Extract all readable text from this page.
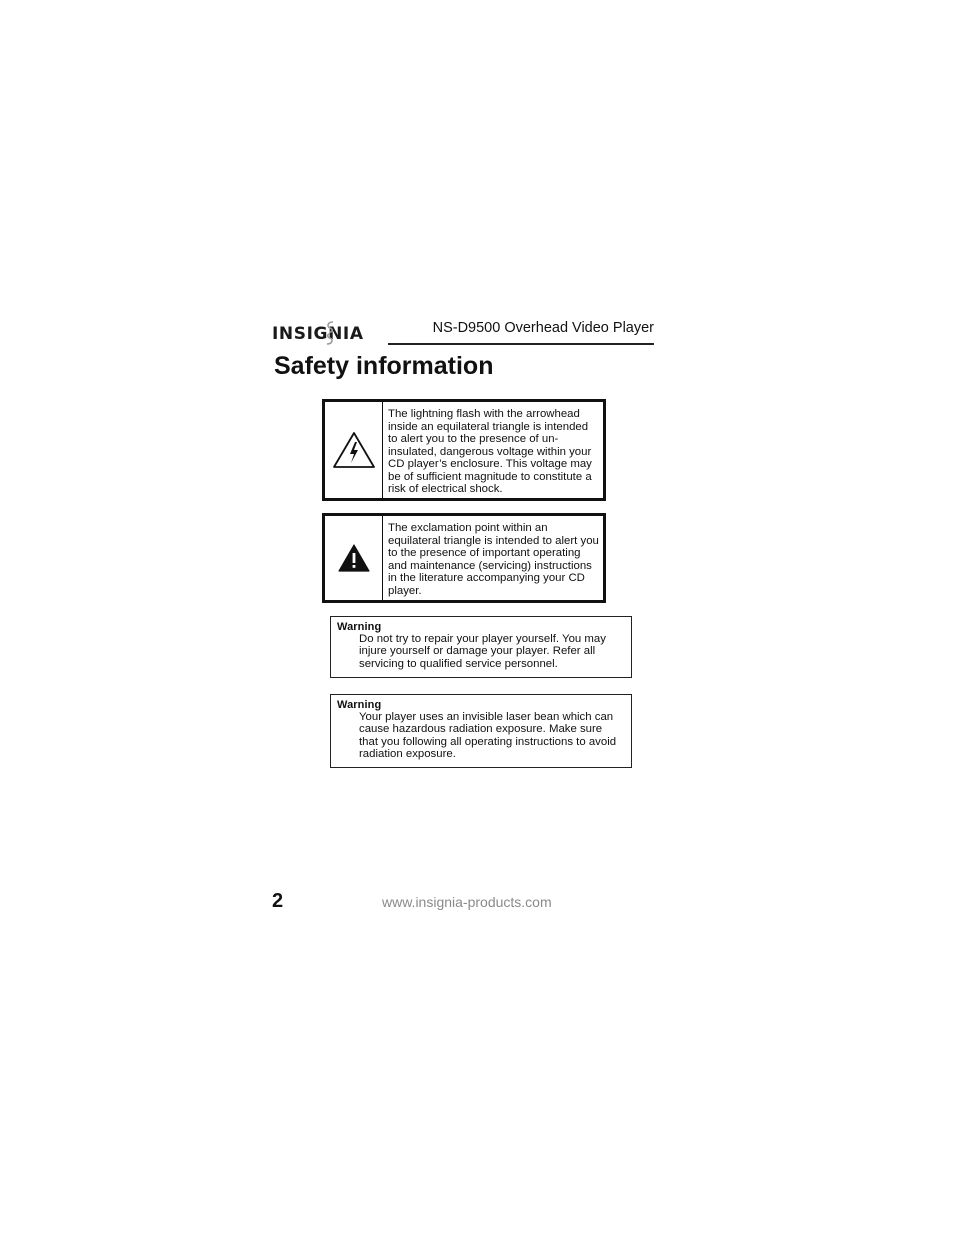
INSIGNIA	NS-D9500 Overhead Video Player
Safety information
The lightning flash with the arrowhead inside an equilateral triangle is intended to alert you to the presence of un-insulated, dangerous voltage within your CD player’s enclosure. This voltage may be of sufficient magnitude to constitute a risk of electrical shock.
The exclamation point within an equilateral triangle is intended to alert you to the presence of important operating and maintenance (servicing) instructions in the literature accompanying your CD player.
Warning
Do not try to repair your player yourself. You may injure yourself or damage your player. Refer all servicing to qualified service personnel.
Warning
Your player uses an invisible laser bean which can cause hazardous radiation exposure. Make sure that you following all operating instructions to avoid radiation exposure.
2	www.insignia-products.com
